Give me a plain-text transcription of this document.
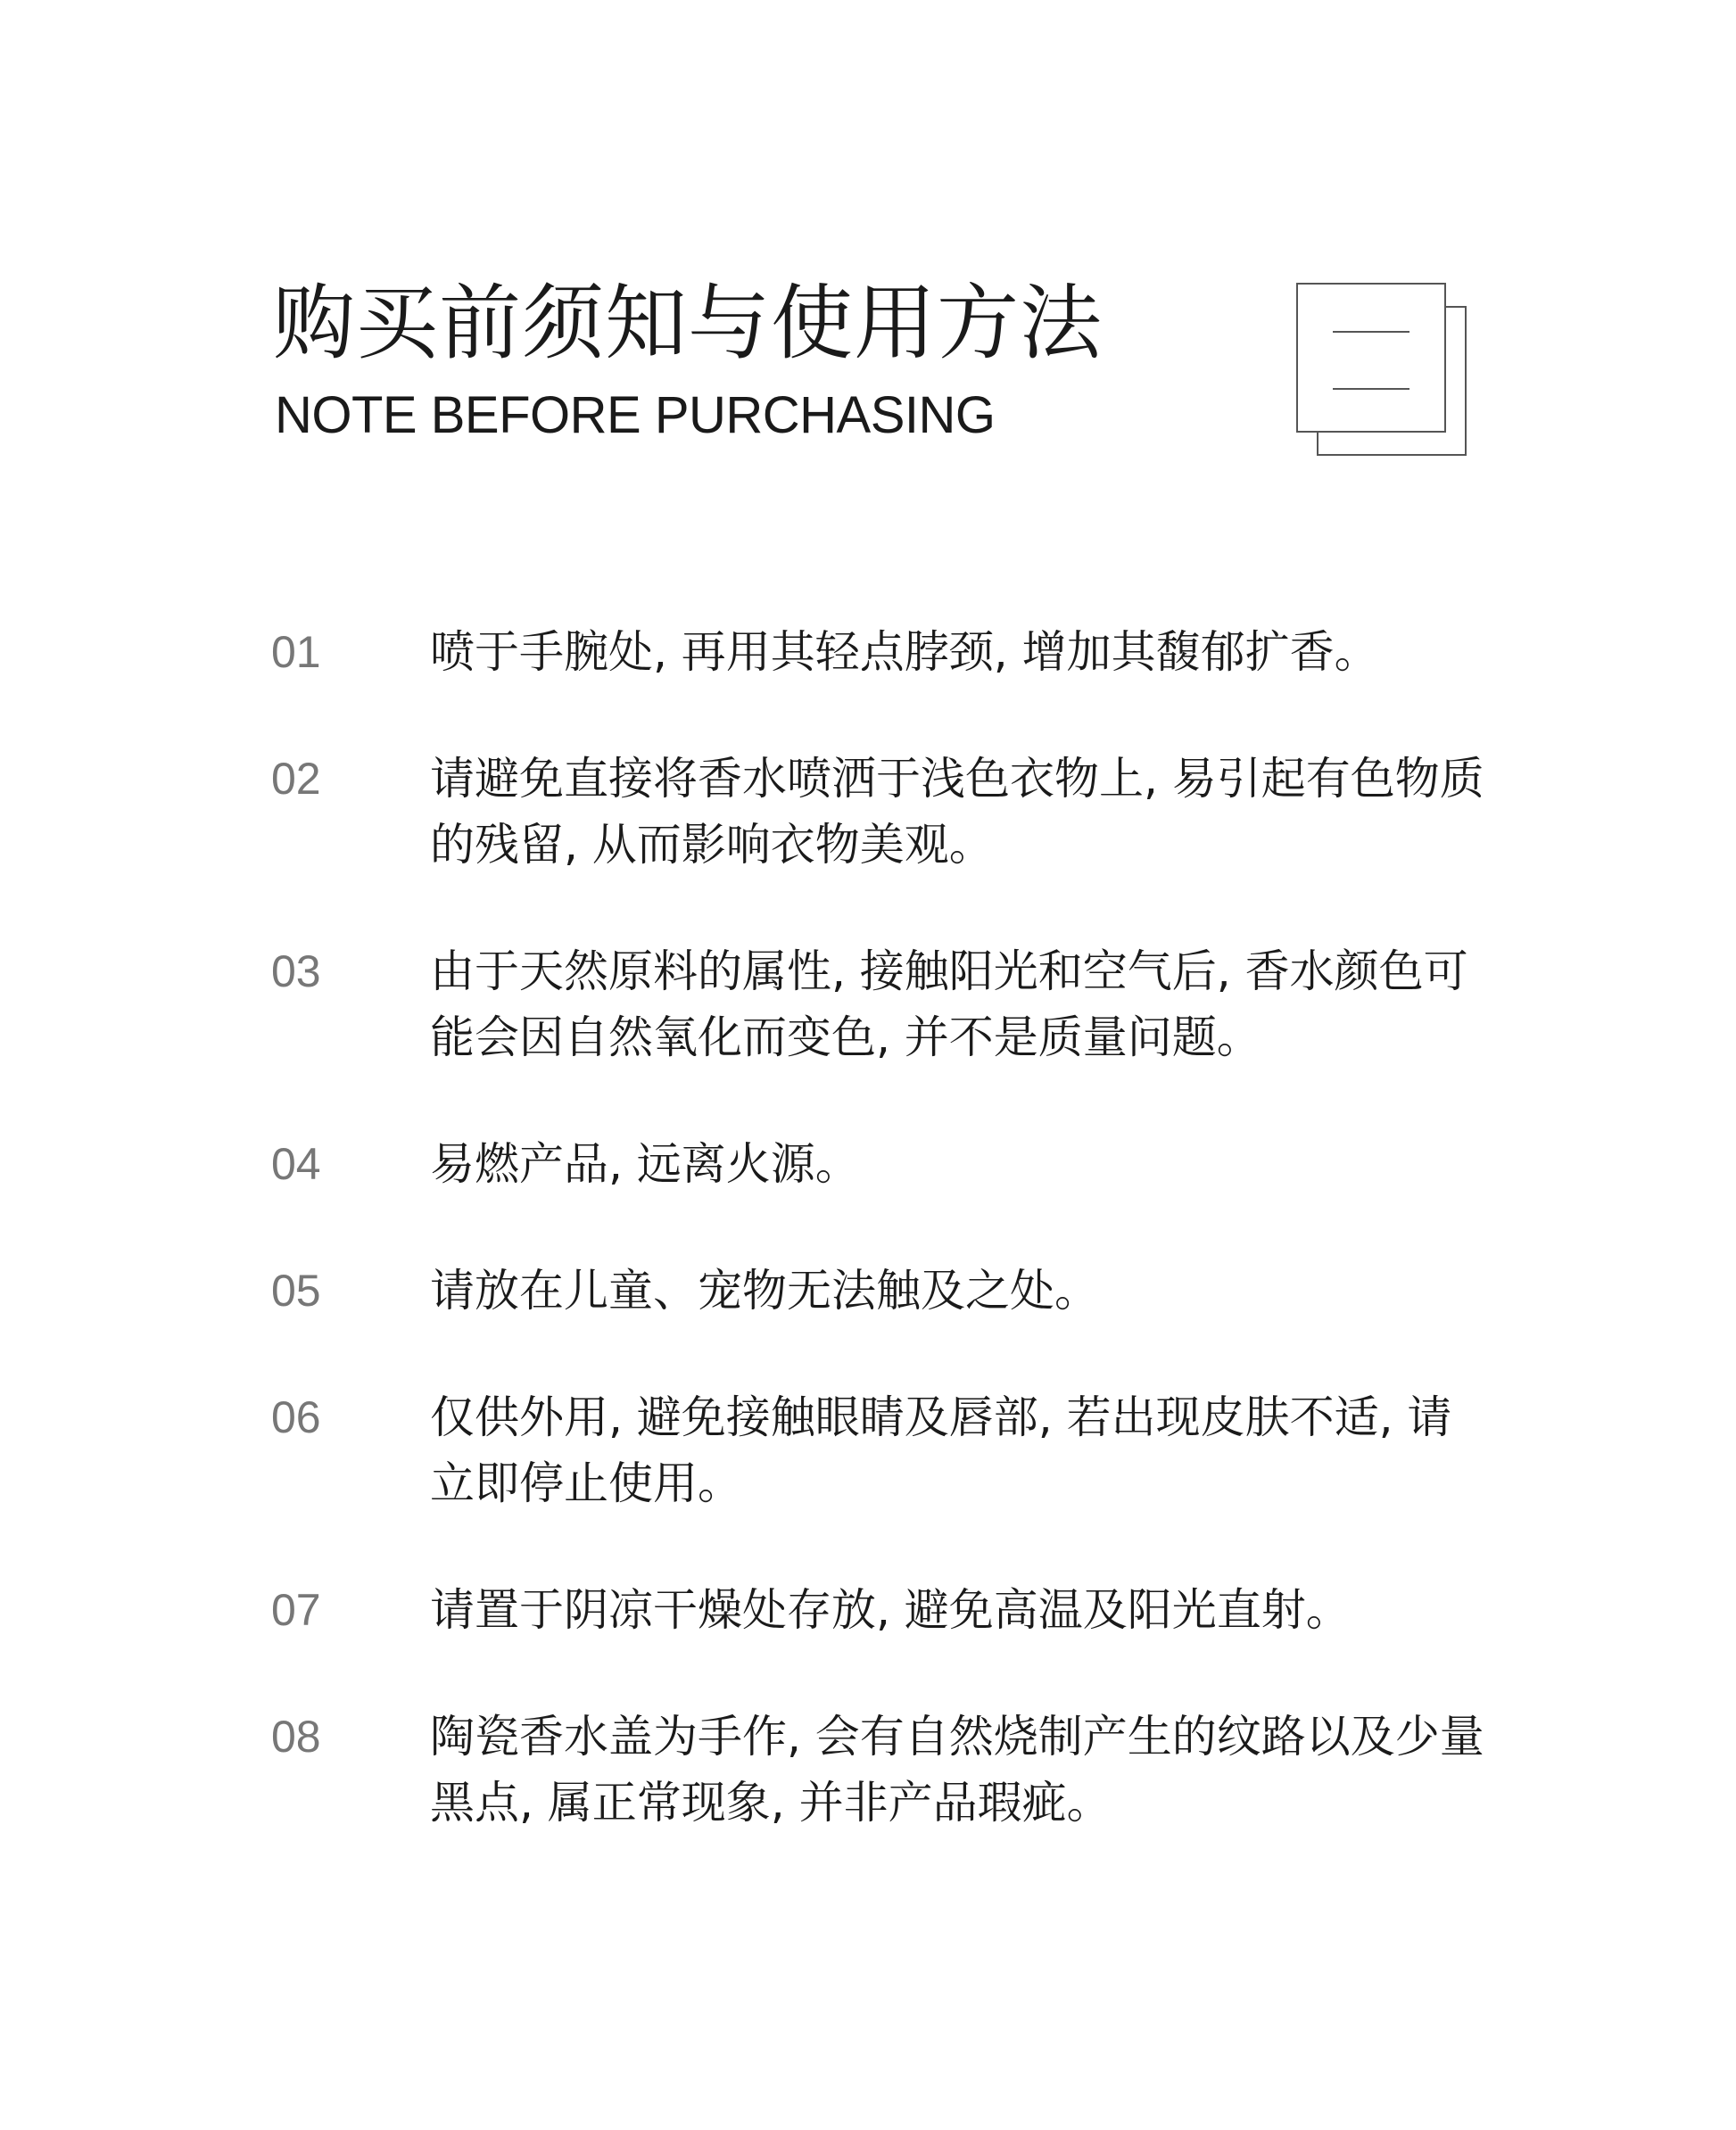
购买前须知与使用方法
NOTE BEFORE PURCHASING
01	喷于手腕处, 再用其轻点脖颈, 增加其馥郁扩香。
02	请避免直接将香水喷洒于浅色衣物上, 易引起有色物质的残留, 从而影响衣物美观。
03	由于天然原料的属性, 接触阳光和空气后, 香水颜色可能会因自然氧化而变色, 并不是质量问题。
04	易燃产品, 远离火源。
05	请放在儿童、宠物无法触及之处。
06	仅供外用, 避免接触眼睛及唇部, 若出现皮肤不适, 请立即停止使用。
07	请置于阴凉干燥处存放, 避免高温及阳光直射。
08	陶瓷香水盖为手作, 会有自然烧制产生的纹路以及少量黑点, 属正常现象, 并非产品瑕疵。
